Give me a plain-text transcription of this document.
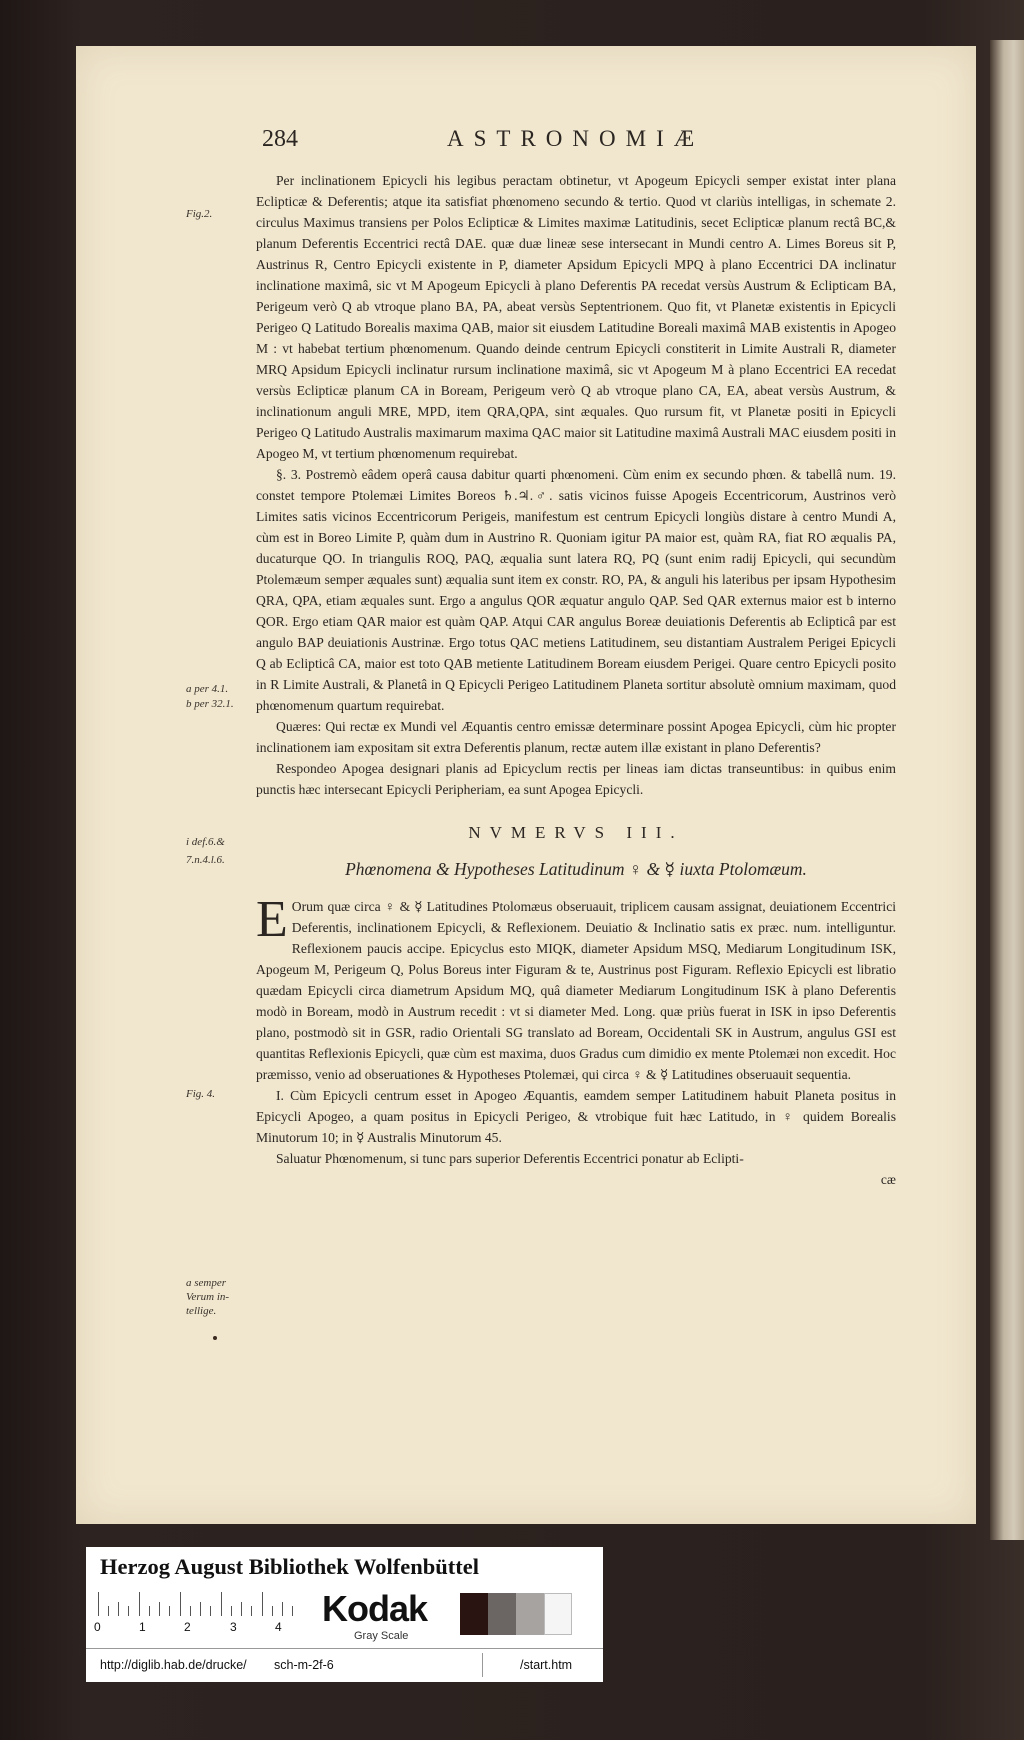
284	ASTRONOMIÆ
Fig.2.
a per 4.1.
b per 32.1.
i def.6.&
7.n.4.l.6.
Fig. 4.
a semper
Verum in-
tellige.

Per inclinationem Epicycli his legibus peractam obtinetur, vt Apogeum Epicycli semper existat inter plana Eclipticæ & Deferentis; atque ita satisfiat phœnomeno secundo & tertio. Quod vt clariùs intelligas, in schemate 2. circulus Maximus transiens per Polos Eclipticæ & Limites maximæ Latitudinis, secet Eclipticæ planum rectâ BC,& planum Deferentis Eccentrici rectâ DAE. quæ duæ lineæ sese intersecant in Mundi centro A. Limes Boreus sit P, Austrinus R, Centro Epicycli existente in P, diameter Apsidum Epicycli MPQ à plano Eccentrici DA inclinatur inclinatione maximâ, sic vt M Apogeum Epicycli à plano Deferentis PA recedat versùs Austrum & Eclipticam BA, Perigeum verò Q ab vtroque plano BA, PA, abeat versùs Septentrionem. Quo fit, vt Planetæ existentis in Epicycli Perigeo Q Latitudo Borealis maxima QAB, maior sit eiusdem Latitudine Boreali maximâ MAB existentis in Apogeo M : vt habebat tertium phœnomenum. Quando deinde centrum Epicycli constiterit in Limite Australi R, diameter MRQ Apsidum Epicycli inclinatur rursum inclinatione maximâ, sic vt Apogeum M à plano Eccentrici EA recedat versùs Eclipticæ planum CA in Boream, Perigeum verò Q ab vtroque plano CA, EA, abeat versùs Austrum, & inclinationum anguli MRE, MPD, item QRA,QPA, sint æquales. Quo rursum fit, vt Planetæ positi in Epicycli Perigeo Q Latitudo Australis maximarum maxima QAC maior sit Latitudine maximâ Australi MAC eiusdem positi in Apogeo M, vt tertium phœnomenum requirebat.

§. 3. Postremò eâdem operâ causa dabitur quarti phœnomeni. Cùm enim ex secundo phœn. & tabellâ num. 19. constet tempore Ptolemæi Limites Boreos ♄.♃.♂. satis vicinos fuisse Apogeis Eccentricorum, Austrinos verò Limites satis vicinos Eccentricorum Perigeis, manifestum est centrum Epicycli longiùs distare à centro Mundi A, cùm est in Boreo Limite P, quàm dum in Austrino R. Quoniam igitur PA maior est, quàm RA, fiat RO æqualis PA, ducaturque QO. In triangulis ROQ, PAQ, æqualia sunt latera RQ, PQ (sunt enim radij Epicycli, qui secundùm Ptolemæum semper æquales sunt) æqualia sunt item ex constr. RO, PA, & anguli his lateribus per ipsam Hypothesim QRA, QPA, etiam æquales sunt. Ergo a angulus QOR æquatur angulo QAP. Sed QAR externus maior est b interno QOR. Ergo etiam QAR maior est quàm QAP. Atqui CAR angulus Boreæ deuiationis Deferentis ab Eclipticâ par est angulo BAP deuiationis Austrinæ. Ergo totus QAC metiens Latitudinem, seu distantiam Australem Perigei Epicycli Q ab Eclipticâ CA, maior est toto QAB metiente Latitudinem Boream eiusdem Perigei. Quare centro Epicycli posito in R Limite Australi, & Planetâ in Q Epicycli Perigeo Latitudinem Planeta sortitur absolutè omnium maximam, quod phœnomenum quartum requirebat.

Quæres: Qui rectæ ex Mundi vel Æquantis centro emissæ determinare possint Apogea Epicycli, cùm hic propter inclinationem iam expositam sit extra Deferentis planum, rectæ autem illæ existant in plano Deferentis?

Respondeo Apogea designari planis ad Epicyclum rectis per lineas iam dictas transeuntibus: in quibus enim punctis hæc intersecant Epicycli Peripheriam, ea sunt Apogea Epicycli.

NVMERVS III.
Phœnomena & Hypotheses Latitudinum ♀ & ☿ iuxta Ptolomæum.

E Orum quæ circa ♀ & ☿ Latitudines Ptolomæus obseruauit, triplicem causam assignat, deuiationem Eccentrici Deferentis, inclinationem Epicycli, & Reflexionem. Deuiatio & Inclinatio satis ex præc. num. intelliguntur. Reflexionem paucis accipe. Epicyclus esto MIQK, diameter Apsidum MSQ, Mediarum Longitudinum ISK, Apogeum M, Perigeum Q, Polus Boreus inter Figuram & te, Austrinus post Figuram. Reflexio Epicycli est libratio quædam Epicycli circa diametrum Apsidum MQ, quâ diameter Mediarum Longitudinum ISK à plano Deferentis modò in Boream, modò in Austrum recedit : vt si diameter Med. Long. quæ priùs fuerat in ISK in ipso Deferentis plano, postmodò sit in GSR, radio Orientali SG translato ad Boream, Occidentali SK in Austrum, angulus GSI est quantitas Reflexionis Epicycli, quæ cùm est maxima, duos Gradus cum dimidio ex mente Ptolemæi non excedit. Hoc præmisso, venio ad obseruationes & Hypotheses Ptolemæi, qui circa ♀ & ☿ Latitudines obseruauit sequentia.

I. Cùm Epicycli centrum esset in Apogeo Æquantis, eamdem semper Latitudinem habuit Planeta positus in Epicycli Apogeo, a quam positus in Epicycli Perigeo, & vtrobique fuit hæc Latitudo, in ♀ quidem Borealis Minutorum 10; in ☿ Australis Minutorum 45.

Saluatur Phœnomenum, si tunc pars superior Deferentis Eccentrici ponatur ab Eclipti-

cæ

Herzog August Bibliothek Wolfenbüttel
0	1	2	3	4 Kodak
Gray Scale
http://diglib.hab.de/drucke/ sch-m-2f-6	/start.htm
